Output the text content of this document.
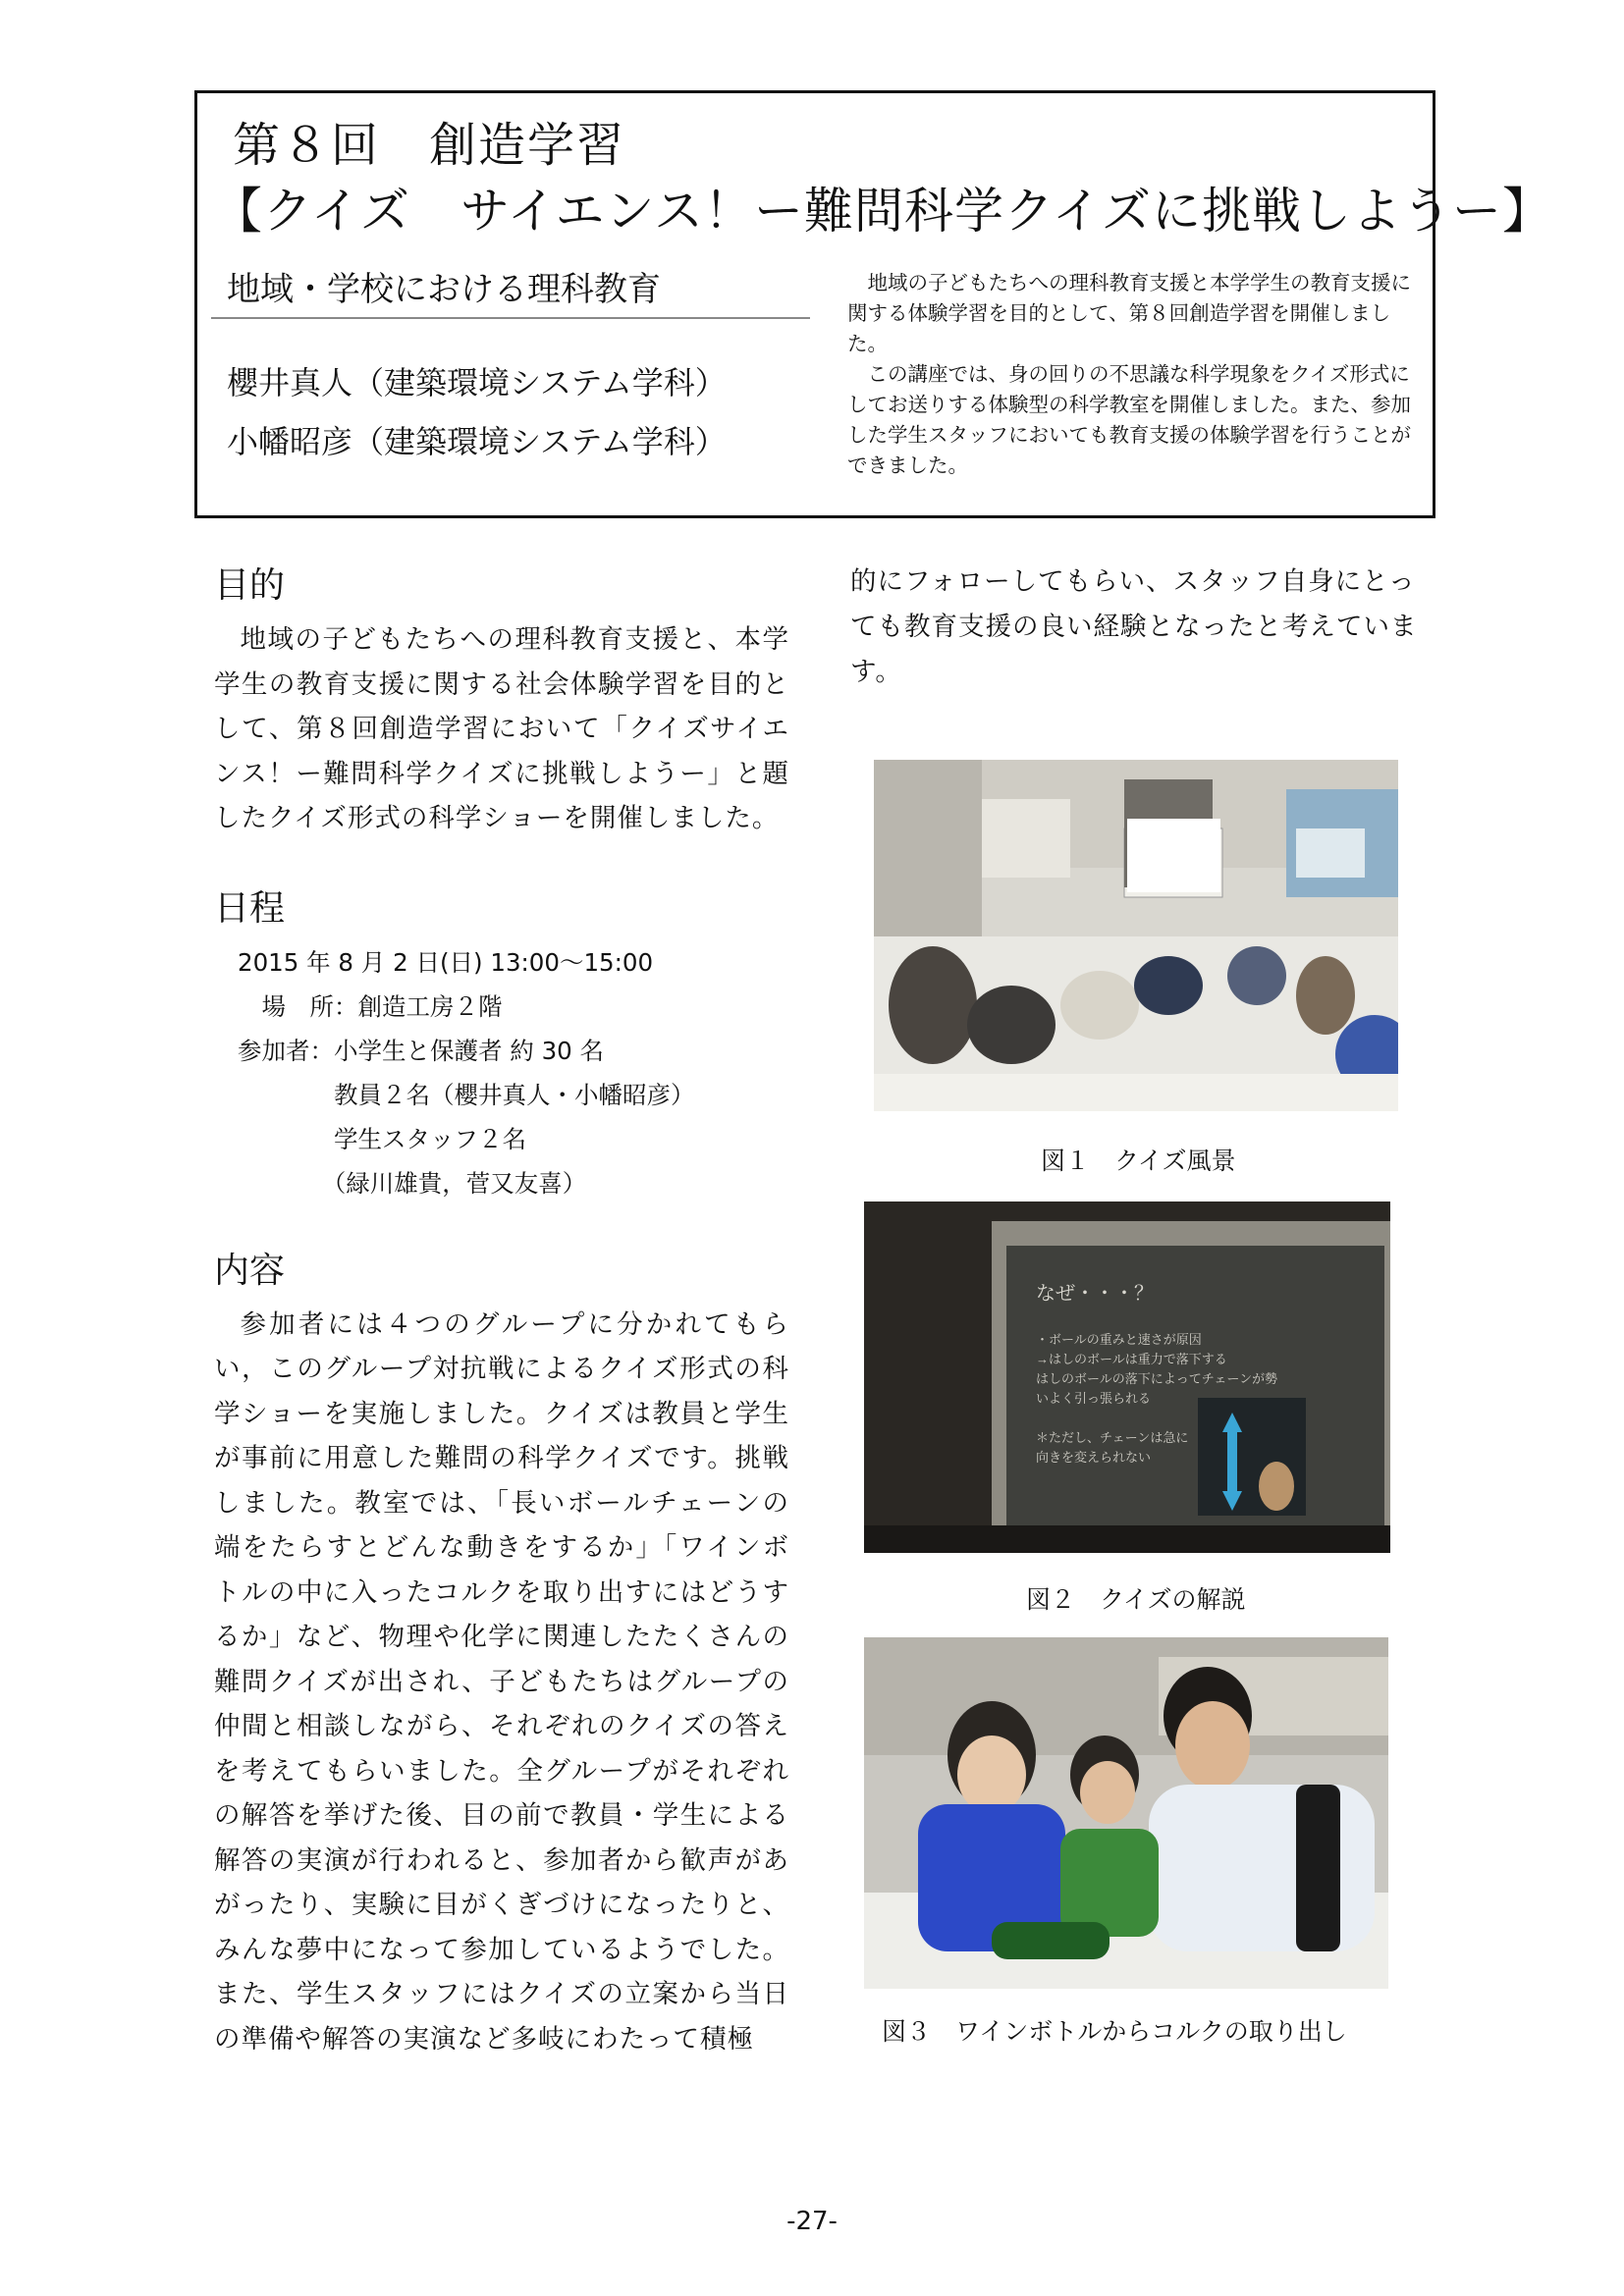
第８回　創造学習
【クイズ　サイエンス！ー難問科学クイズに挑戦しようー】
地域・学校における理科教育
櫻井真人（建築環境システム学科）
小幡昭彦（建築環境システム学科）

地域の子どもたちへの理科教育支援と本学学生の教育支援に関する体験学習を目的として、第８回創造学習を開催しました。

この講座では、身の回りの不思議な科学現象をクイズ形式にしてお送りする体験型の科学教室を開催しました。また、参加した学生スタッフにおいても教育支援の体験学習を行うことができました。

目的

地域の子どもたちへの理科教育支援と、本学学生の教育支援に関する社会体験学習を目的として、第８回創造学習において「クイズサイエンス！ー難問科学クイズに挑戦しようー」と題したクイズ形式の科学ショーを開催しました。

日程

2015 年 8 月 2 日(日) 13:00～15:00

　場　所：創造工房２階

参加者：小学生と保護者 約 30 名

　　　　教員２名（櫻井真人・小幡昭彦）

　　　　学生スタッフ２名

　　　　（緑川雄貴，菅又友喜）

内容

参加者には４つのグループに分かれてもらい，このグループ対抗戦によるクイズ形式の科学ショーを実施しました。クイズは教員と学生が事前に用意した難問の科学クイズです。挑戦しました。教室では、「長いボールチェーンの端をたらすとどんな動きをするか」「ワインボトルの中に入ったコルクを取り出すにはどうするか」など、物理や化学に関連したたくさんの難問クイズが出され、子どもたちはグループの仲間と相談しながら、それぞれのクイズの答えを考えてもらいました。全グループがそれぞれの解答を挙げた後、目の前で教員・学生による解答の実演が行われると、参加者から歓声があがったり、実験に目がくぎづけになったりと、みんな夢中になって参加しているようでした。また、学生スタッフにはクイズの立案から当日の準備や解答の実演など多岐にわたって積極

的にフォローしてもらい、スタッフ自身にとっても教育支援の良い経験となったと考えています。
図１　クイズ風景
なぜ・・・？
・ボールの重みと速さが原因
→はしのボールは重力で落下する
はしのボールの落下によってチェーンが勢
いよく引っ張られる
＊ただし、チェーンは急に
向きを変えられない
図２　クイズの解説
図３　ワインボトルからコルクの取り出し
-27-
